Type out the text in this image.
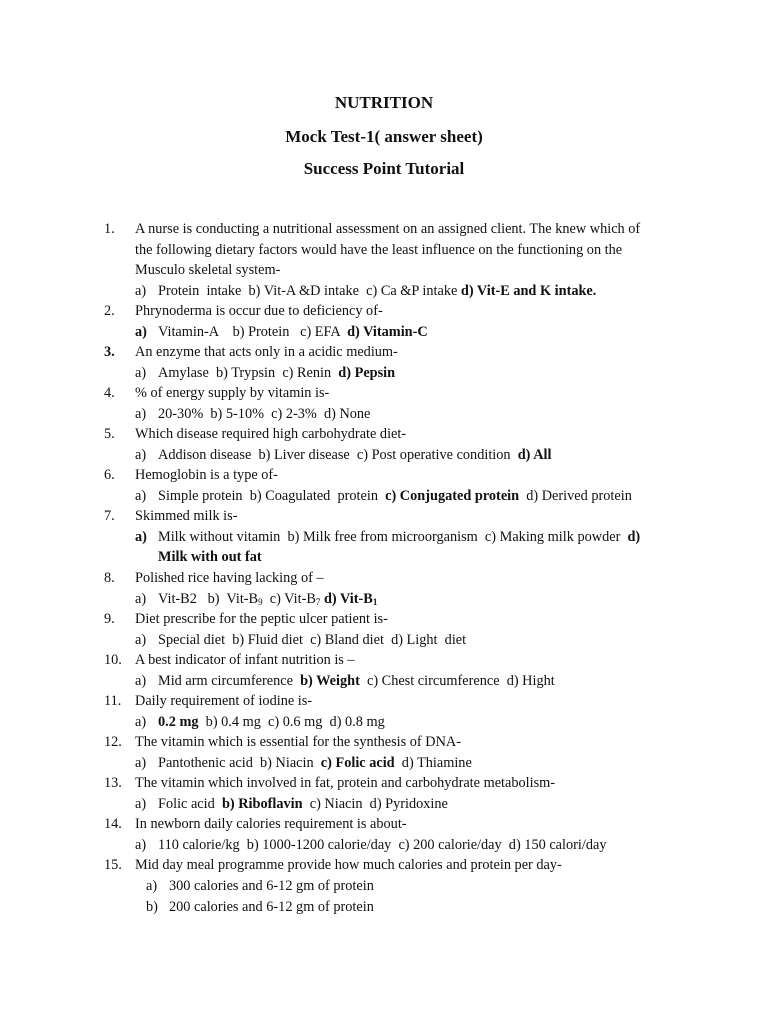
NUTRITION
Mock Test-1( answer sheet)
Success Point Tutorial
1.	A nurse is conducting a nutritional assessment on an assigned client. The knew which of
the following dietary factors would have the least influence on the functioning on the
Musculo skeletal system-
a) Protein  intake  b) Vit-A &D intake  c) Ca &P intake d) Vit-E and K intake.
2.	Phrynoderma is occur due to deficiency of-
a) Vitamin-A    b) Protein   c) EFA  d) Vitamin-C
3.	An enzyme that acts only in a acidic medium-
a) Amylase  b) Trypsin  c) Renin  d) Pepsin
4.	% of energy supply by vitamin is-
a) 20-30%  b) 5-10%  c) 2-3%  d) None
5.	Which disease required high carbohydrate diet-
a) Addison disease  b) Liver disease  c) Post operative condition  d) All
6.	Hemoglobin is a type of-
a) Simple protein  b) Coagulated  protein  c) Conjugated protein  d) Derived protein
7.	Skimmed milk is-
a) Milk without vitamin  b) Milk free from microorganism  c) Making milk powder  d)
Milk with out fat
8.	Polished rice having lacking of –
a) Vit-B2   b)  Vit-$B_9$  c) Vit-$B_7$ d) Vit-$B_1$
9.	Diet prescribe for the peptic ulcer patient is-
a) Special diet  b) Fluid diet  c) Bland diet  d) Light  diet
10. A best indicator of infant nutrition is –
a) Mid arm circumference  b) Weight  c) Chest circumference  d) Hight
11. Daily requirement of iodine is-
a) 0.2 mg  b) 0.4 mg  c) 0.6 mg  d) 0.8 mg
12. The vitamin which is essential for the synthesis of DNA-
a) Pantothenic acid  b) Niacin  c) Folic acid  d) Thiamine
13. The vitamin which involved in fat, protein and carbohydrate metabolism-
a) Folic acid  b) Riboflavin  c) Niacin  d) Pyridoxine
14. In newborn daily calories requirement is about-
a) 110 calorie/kg  b) 1000-1200 calorie/day  c) 200 calorie/day  d) 150 calori/day
15. Mid day meal programme provide how much calories and protein per day-
a) 300 calories and 6-12 gm of protein
b) 200 calories and 6-12 gm of protein
